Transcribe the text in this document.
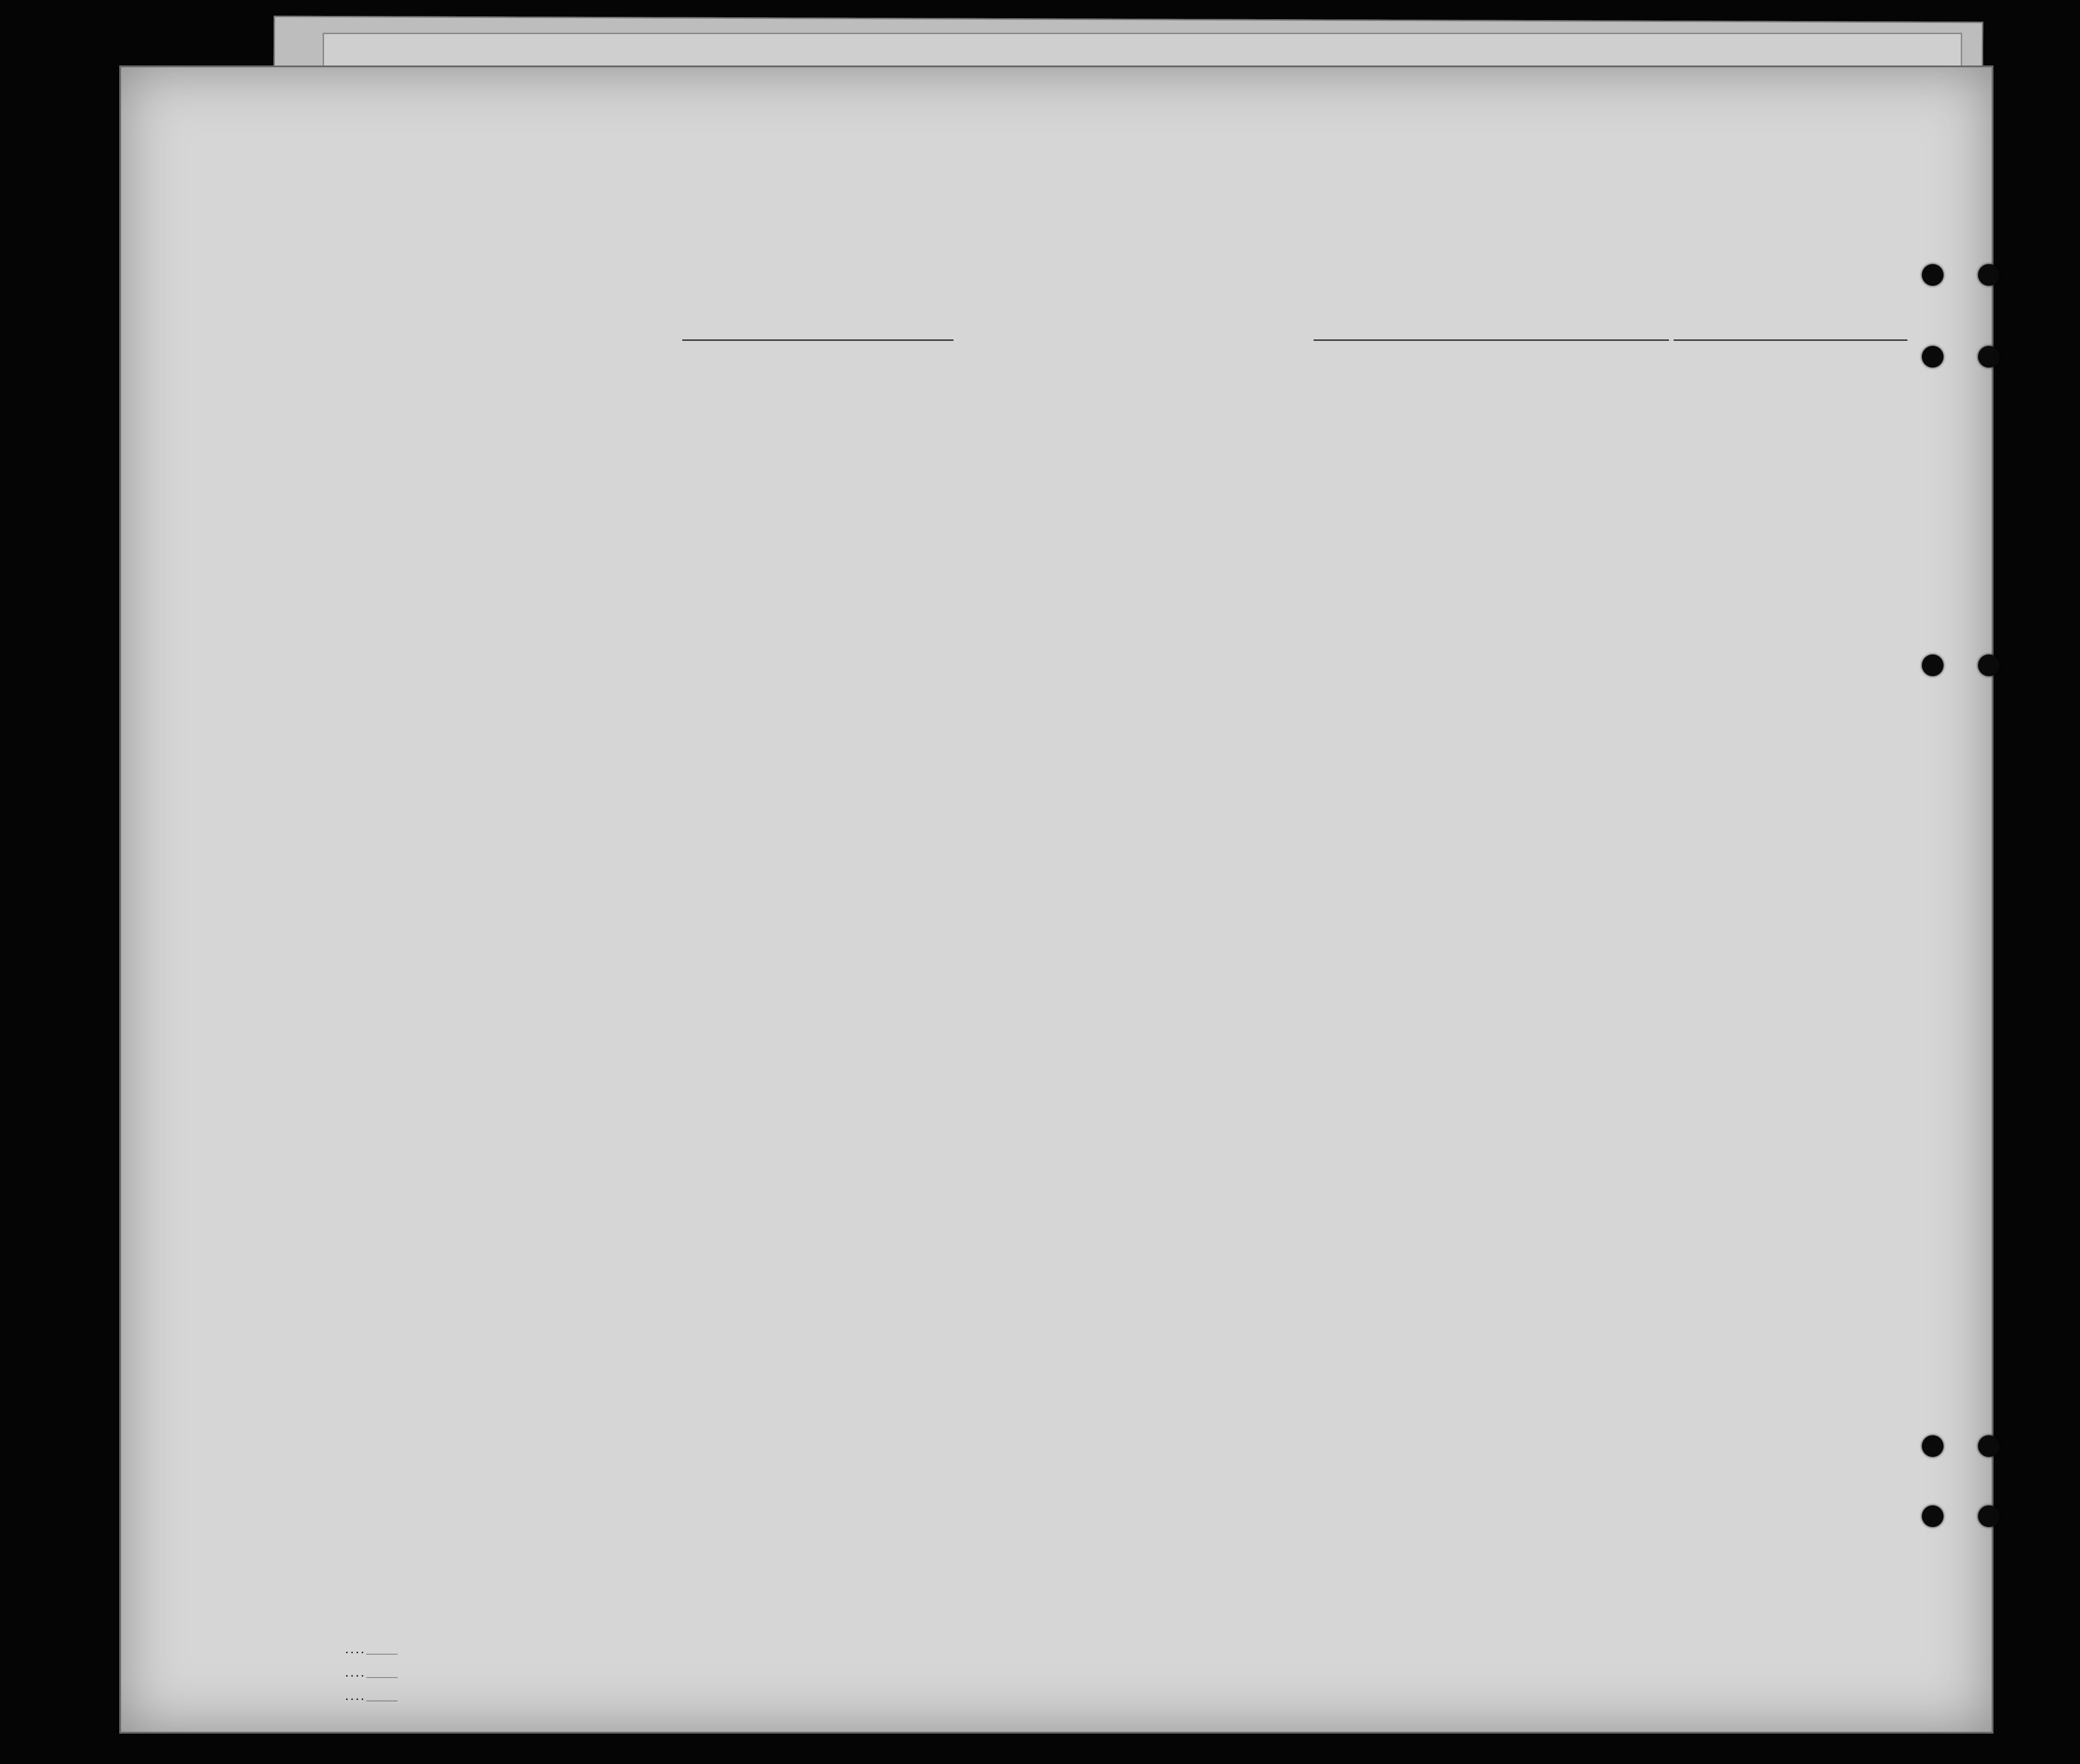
. . . . ______
. . . . ______
. . . . ______
